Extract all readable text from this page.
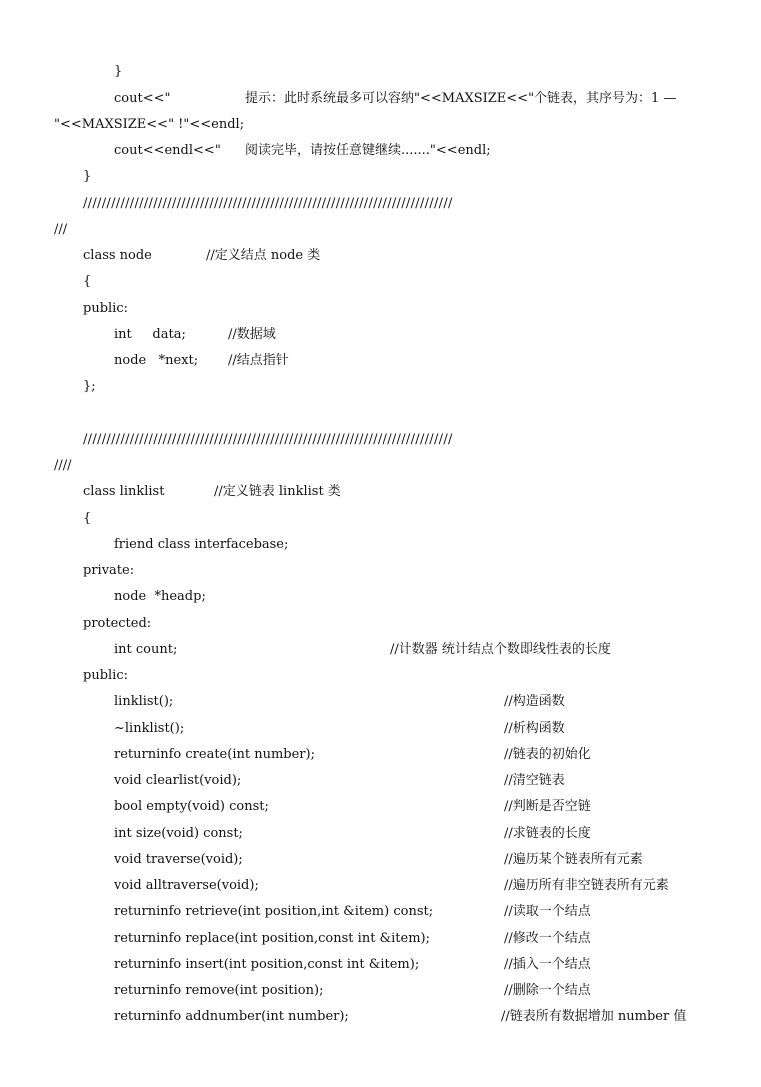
}

cout<<"

	提示：此时系统最多可以容纳"<<MAXSIZE<<"个链表，其序号为：1 —

"<<MAXSIZE<<" !"<<endl;

cout<<endl<<"

阅读完毕，请按任意键继续......."<<endl;

}

///////////////////////////////////////////////////////////////////////////////

///

class node

	//定义结点 node 类

{

public:

int     data;

	//数据域

node   *next;

//结点指针

};

///////////////////////////////////////////////////////////////////////////////

////

class linklist

	//定义链表 linklist 类

{

friend class interfacebase;

private:

node  *headp;

protected:

int count;

	//计数器 统计结点个数即线性表的长度

public:

linklist();

	//构造函数

~linklist();

	//析构函数

returninfo create(int number);

	//链表的初始化

void clearlist(void);

	//清空链表

bool empty(void) const;

	//判断是否空链

int size(void) const;

	//求链表的长度

void traverse(void);

	//遍历某个链表所有元素

void alltraverse(void);

	//遍历所有非空链表所有元素

returninfo retrieve(int position,int &item) const;

	//读取一个结点

returninfo replace(int position,const int &item);

	//修改一个结点

returninfo insert(int position,const int &item);

	//插入一个结点

returninfo remove(int position);

	//删除一个结点

returninfo addnumber(int number);

	//链表所有数据增加 number 值
